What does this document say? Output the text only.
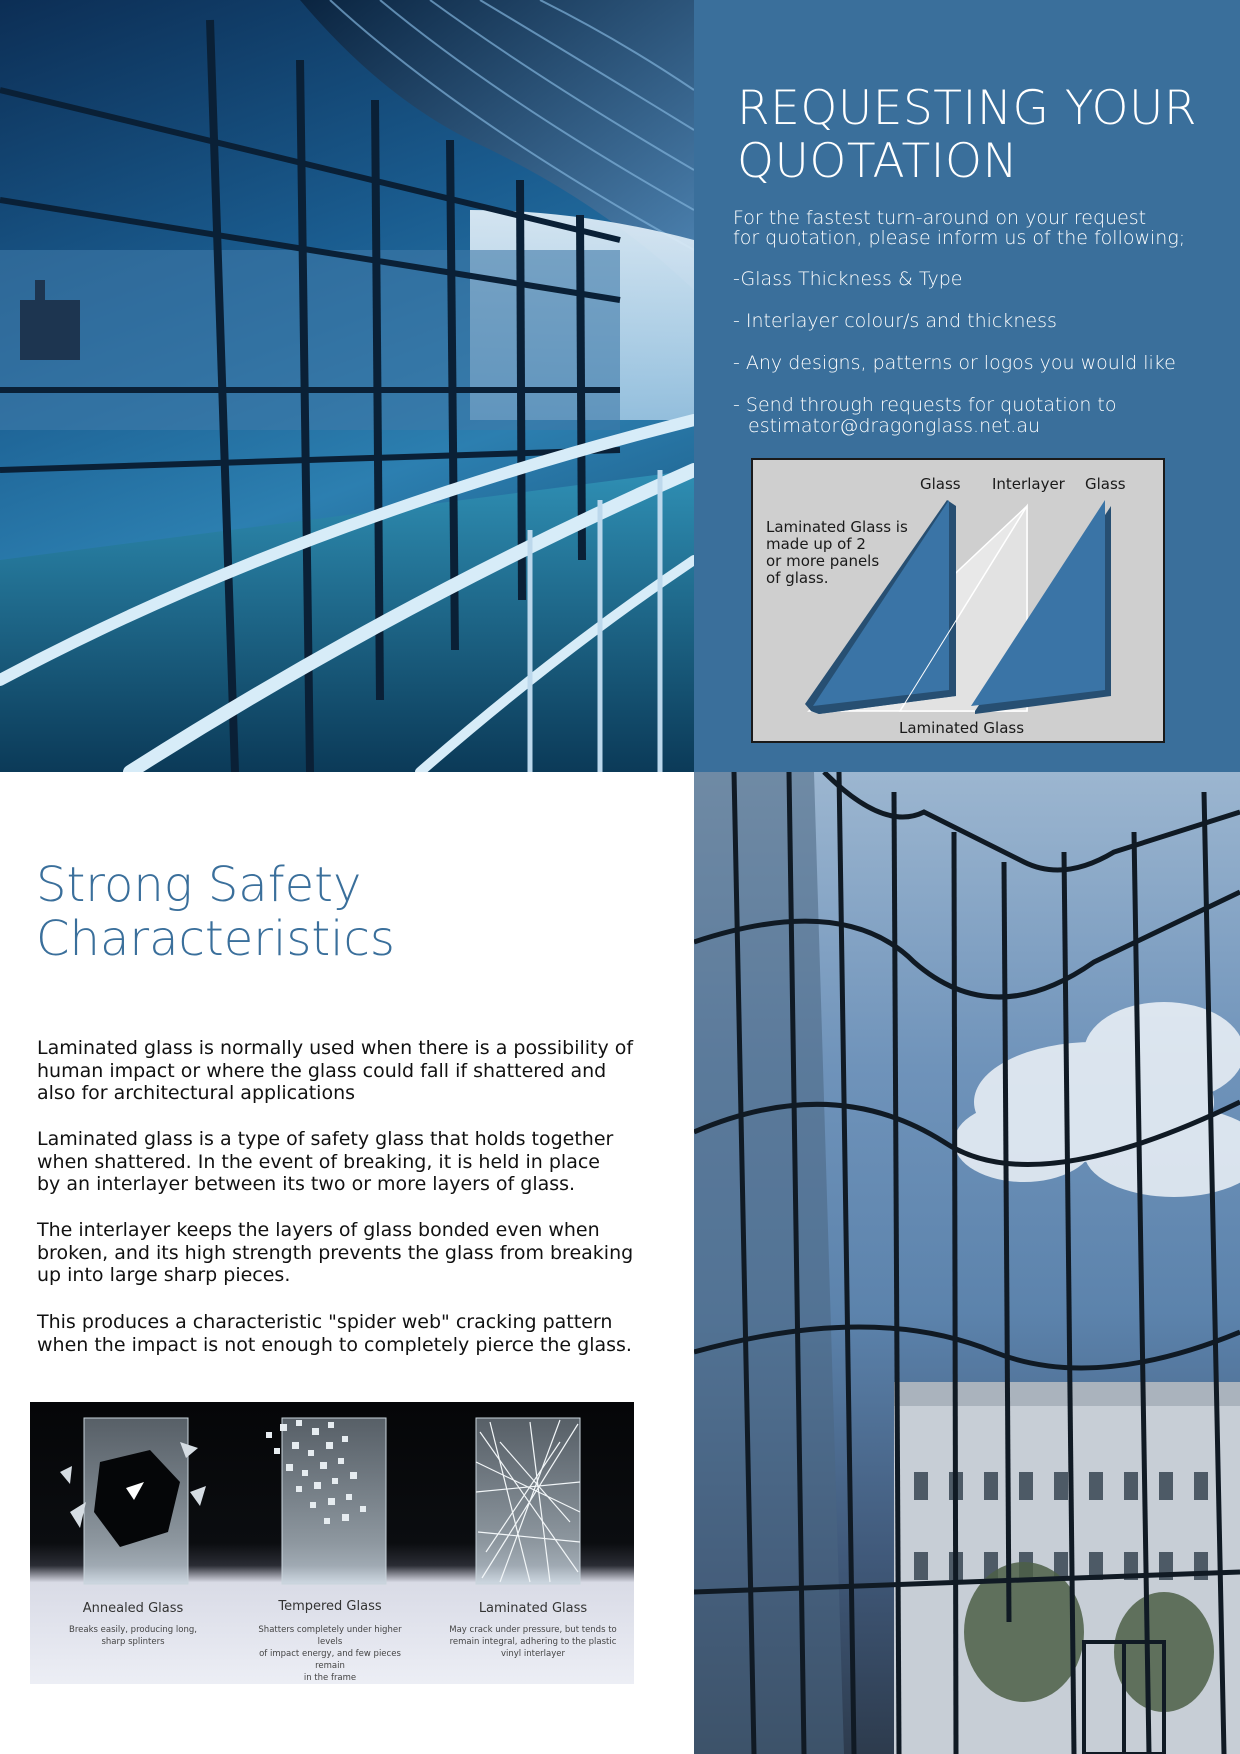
REQUESTING YOUR
QUOTATION
For the fastest turn-around on your request
for quotation, please inform us of the following;
-Glass Thickness & Type
- Interlayer colour/s and thickness
- Any designs, patterns or logos you would like
- Send through requests for quotation to
estimator@dragonglass.net.au
Glass Interlayer Glass
Laminated Glass is
made up of 2
or more panels
of glass.
Laminated Glass
Strong Safety
Characteristics
Laminated glass is normally used when there is a possibility of
human impact or where the glass could fall if shattered and
also for architectural applications
Laminated glass is a type of safety glass that holds together
when shattered. In the event of breaking, it is held in place
by an interlayer between its two or more layers of glass.
The interlayer keeps the layers of glass bonded even when
broken, and its high strength prevents the glass from breaking
up into large sharp pieces.
This produces a characteristic "spider web" cracking pattern
when the impact is not enough to completely pierce the glass.
Annealed Glass
Breaks easily, producing long,
sharp splinters
Tempered Glass
Shatters completely under higher levels
of impact energy, and few pieces remain
in the frame
Laminated Glass
May crack under pressure, but tends to
remain integral, adhering to the plastic
vinyl interlayer
